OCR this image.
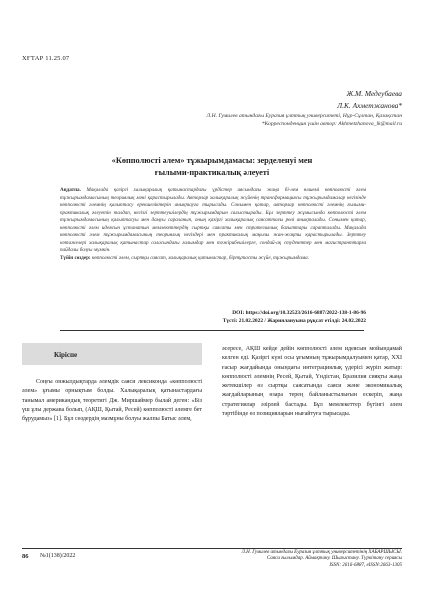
ХҒТАР 11.25.07
Ж.М. Медеубаева
Л.К. Ахметжанова*
Л.Н. Гумилев атындағы Еуразия ұлттық университеті, Нұр-Сұлтан, Қазақстан
*Корреспонденция үшін автор: Akhmetzhanova_lk@mail.ru
«Көпполюсті әлем» тұжырымдамасы: зерделенуі мен
ғылыми-практикалық әлеуеті
Аңдатпа. Мақалада қазіргі халықаралық қатынастардағы үрдістер аясындағы жаңа бі-лем өлшемі көпполюсті әлем тұжырымдамасының теориялық мәні қарастырылады. Авторлар халықаралық жүйенің трансформациясы тұжырымдамалар негізінде көпполюсті әлемнің қалыптасу ерекшеліктерін анықтауға тырысады. Сонымен қатар, авторлар көпполюсті әлемнің ғылыми-практикалық әлеуетін талдап, негізгі зерттеушілердің тұжырымдарын салыстырады. Бұл зерттеу жұмысында көпполюсті әлем тұжырымдамасының қалыптасуы мен дамуы сараланып, оның қазіргі халықаралық саясаттағы рөлі анықталады. Сонымен қатар, көпполюсті әлем идеясын ұстанатын мемлекеттердің сыртқы саясаты мен стратегиялық бағыттары сарапталады. Мақалада көпполюсті әлем тұжырымдамасының теориялық негіздері мен практикалық маңызы жан-жақты қарастырылады. Зерттеу нәтижелері халықаралық қатынастар саласындағы ғалымдар мен тәжірибешілерге, сондай-ақ студенттер мен магистранттарға пайдалы болуы мүмкін.
Түйін сөздер: көпполюсті әлем, сыртқы саясат, халықаралық қатынастар, біртұтасты жүйе, тұжырымдама.
DOI: https://doi.org/10.32523/2616-6887/2022-138-1-86-96
Түсті: 21.02.2022 / Жариялануына рұқсат етілді: 24.02.2022
Кіріспе

Соңғы онжылдықтарда әлемдік саяси лексиконда «көпполюсті әлем» ұғымы орнықтым болды. Халықаралық қатынастардағы танымал американдық теоретигі Дж. Миршаймер былай деген: «Біз үш ұлы держава болып, (АҚШ, Қытай, Ресей) көпполюсті әлемге бет бұрудамыз» [1]. Бұл сөздердің мазмұны болуы жалпы Батыс әлем,

әсересе, АҚШ кейде дейін көпполюсті әлем идеясын мойындамай келген еді. Қазіргі күні осы ұғымның тұжырымдалуымен қатар, ХХІ ғасыр жағдайында онындағы интеграциялық үдерісі жүріп жатыр: көпполюсті әлемнің Ресей, Қытай, Үндістан, Бразилия сияқты жаңа жетекшілер өз сыртқы саясатында саяси және экономикалық жағдайларының өзара терең байланыстылығын ескеріп, жаңа стратегиялар әзірлей бастады. Бұл мемлекеттер бүгінгі әлем тәртібінде өз позицияларын нығайтуға тырысады.

86 №1(138)/2022
Л.Н. Гумилев атындағы Еуразия ұлттық университетінің ХАБАРШЫСЫ.
Саяси ғылымдар. Аймақтану. Шығыстану. Түркітану сериясы
ISSN: 2616-6887, eISSN:2663-1305
